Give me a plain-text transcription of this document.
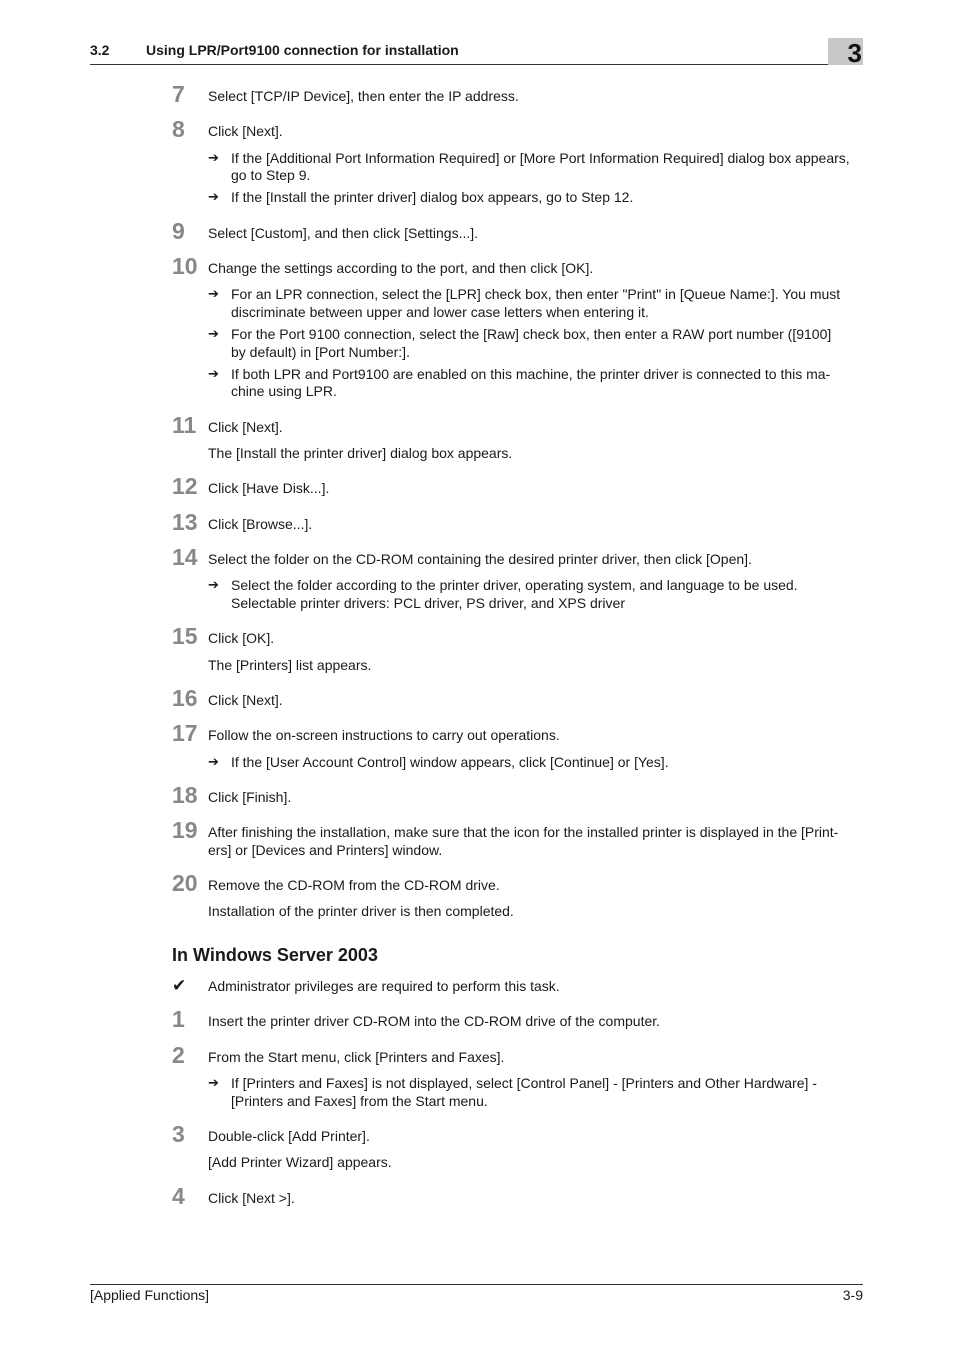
3.2	Using LPR/Port9100 connection for installation	3
7	Select [TCP/IP Device], then enter the IP address.
8	Click [Next].
➔ If the [Additional Port Information Required] or [More Port Information Required] dialog box appears,
go to Step 9.
➔ If the [Install the printer driver] dialog box appears, go to Step 12.
9	Select [Custom], and then click [Settings...].
10 Change the settings according to the port, and then click [OK].
➔ For an LPR connection, select the [LPR] check box, then enter "Print" in [Queue Name:]. You must
discriminate between upper and lower case letters when entering it.
➔ For the Port 9100 connection, select the [Raw] check box, then enter a RAW port number ([9100]
by default) in [Port Number:].
➔ If both LPR and Port9100 are enabled on this machine, the printer driver is connected to this ma-
chine using LPR.
11 Click [Next].
The [Install the printer driver] dialog box appears.
12 Click [Have Disk...].
13 Click [Browse...].
14 Select the folder on the CD-ROM containing the desired printer driver, then click [Open].
➔ Select the folder according to the printer driver, operating system, and language to be used.
Selectable printer drivers: PCL driver, PS driver, and XPS driver
15 Click [OK].
The [Printers] list appears.
16 Click [Next].
17 Follow the on-screen instructions to carry out operations.
➔ If the [User Account Control] window appears, click [Continue] or [Yes].
18 Click [Finish].
19 After finishing the installation, make sure that the icon for the installed printer is displayed in the [Print-
ers] or [Devices and Printers] window.
20 Remove the CD-ROM from the CD-ROM drive.
Installation of the printer driver is then completed.
In Windows Server 2003
✔ Administrator privileges are required to perform this task.
1	Insert the printer driver CD-ROM into the CD-ROM drive of the computer.
2	From the Start menu, click [Printers and Faxes].
➔ If [Printers and Faxes] is not displayed, select [Control Panel] - [Printers and Other Hardware] -
[Printers and Faxes] from the Start menu.
3	Double-click [Add Printer].
[Add Printer Wizard] appears.
4	Click [Next >].
[Applied Functions]	3-9
